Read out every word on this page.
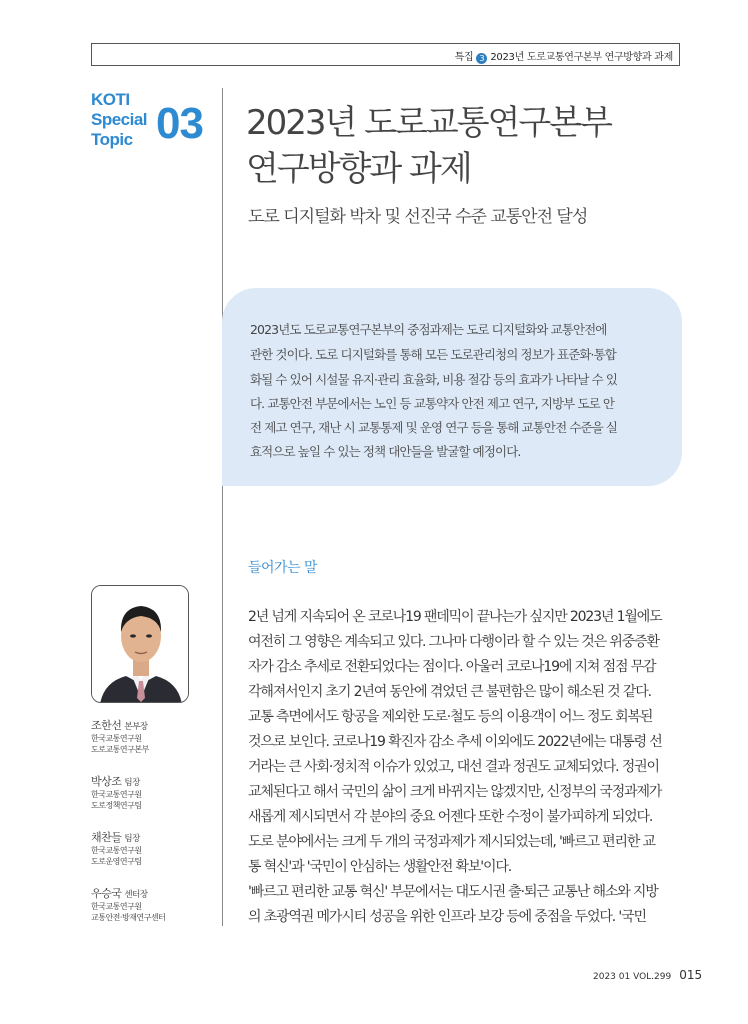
특집 3 2023년 도로교통연구본부 연구방향과 과제
KOTI
Special
Topic 03 2023년 도로교통연구본부
연구방향과 과제
도로 디지털화 박차 및 선진국 수준 교통안전 달성
2023년도 도로교통연구본부의 중점과제는 도로 디지털화와 교통안전에
관한 것이다. 도로 디지털화를 통해 모든 도로관리청의 정보가 표준화·통합
화될 수 있어 시설물 유지·관리 효율화, 비용 절감 등의 효과가 나타날 수 있
다. 교통안전 부문에서는 노인 등 교통약자 안전 제고 연구, 지방부 도로 안
전 제고 연구, 재난 시 교통통제 및 운영 연구 등을 통해 교통안전 수준을 실
효적으로 높일 수 있는 정책 대안들을 발굴할 예정이다.
들어가는 말
조한선 본부장
한국교통연구원
도로교통연구본부
박상조 팀장
한국교통연구원
도로정책연구팀
채찬들 팀장
한국교통연구원
도로운영연구팀
우승국 센터장
한국교통연구원
교통안전·방재연구센터
2년 넘게 지속되어 온 코로나19 팬데믹이 끝나는가 싶지만 2023년 1월에도
여전히 그 영향은 계속되고 있다. 그나마 다행이라 할 수 있는 것은 위중증환
자가 감소 추세로 전환되었다는 점이다. 아울러 코로나19에 지쳐 점점 무감
각해져서인지 초기 2년여 동안에 겪었던 큰 불편함은 많이 해소된 것 같다.
교통 측면에서도 항공을 제외한 도로·철도 등의 이용객이 어느 정도 회복된
것으로 보인다. 코로나19 확진자 감소 추세 이외에도 2022년에는 대통령 선
거라는 큰 사회·정치적 이슈가 있었고, 대선 결과 정권도 교체되었다. 정권이
교체된다고 해서 국민의 삶이 크게 바뀌지는 않겠지만, 신정부의 국정과제가
새롭게 제시되면서 각 분야의 중요 어젠다 또한 수정이 불가피하게 되었다.
도로 분야에서는 크게 두 개의 국정과제가 제시되었는데, '빠르고 편리한 교
통 혁신'과 '국민이 안심하는 생활안전 확보'이다.
'빠르고 편리한 교통 혁신' 부문에서는 대도시권 출·퇴근 교통난 해소와 지방
의 초광역권 메가시티 성공을 위한 인프라 보강 등에 중점을 두었다. '국민
2023 01 VOL.299 015
